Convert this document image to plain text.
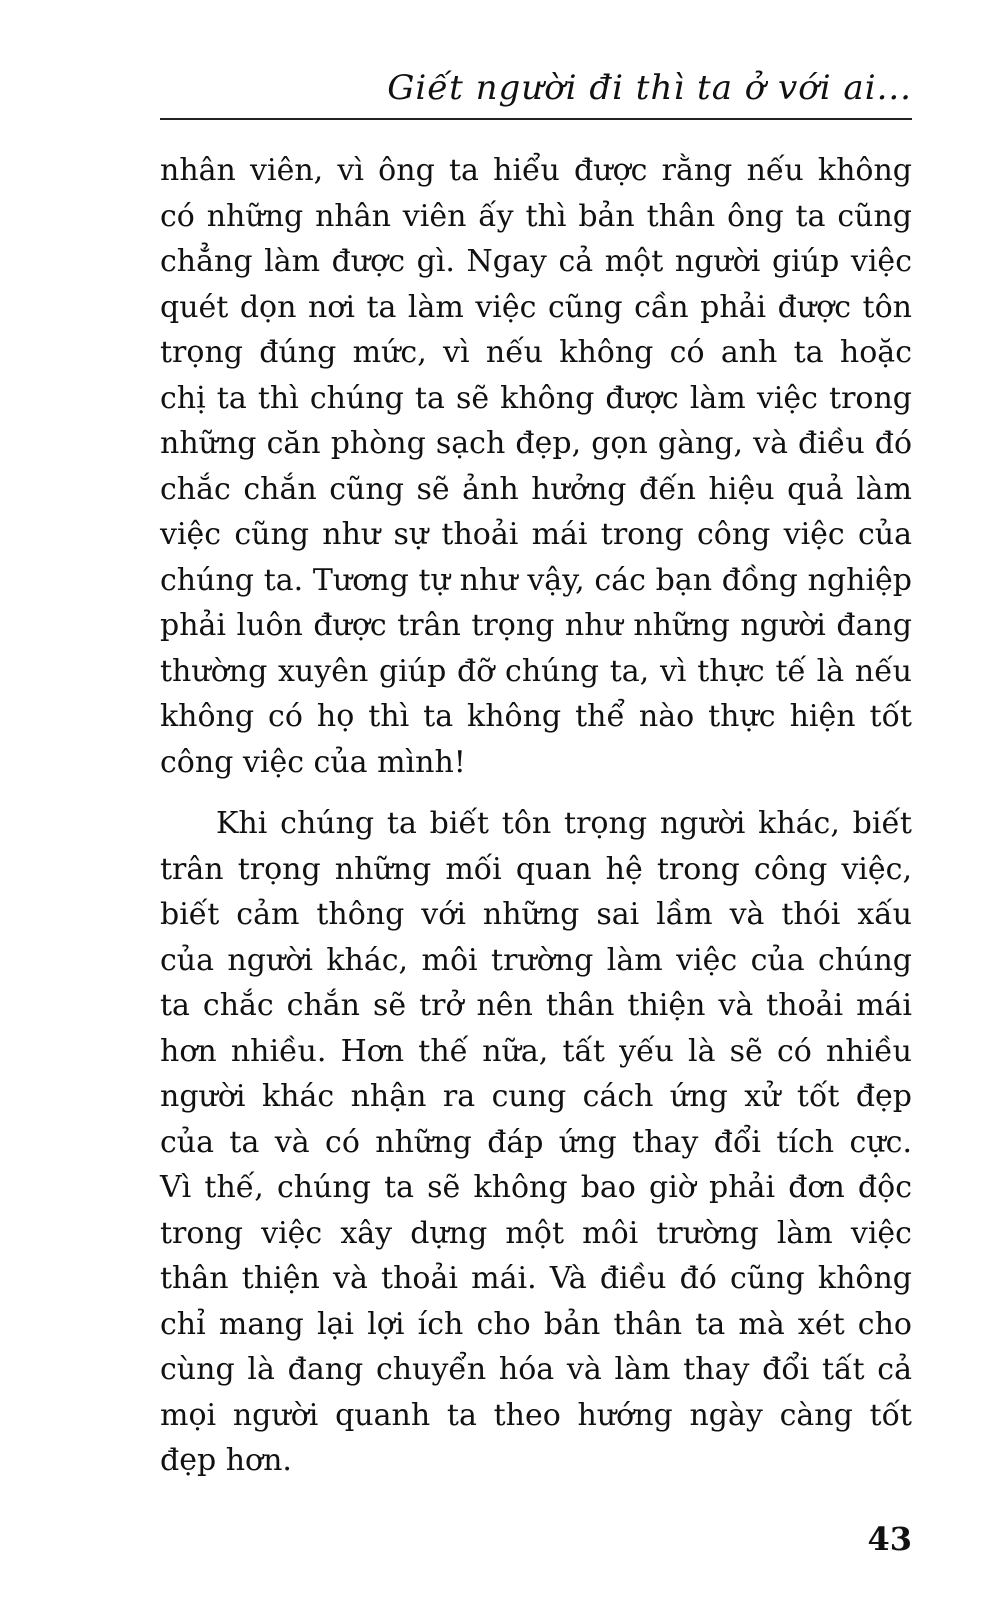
Giết người đi thì ta ở với ai...
nhân viên, vì ông ta hiểu được rằng nếu không
có những nhân viên ấy thì bản thân ông ta cũng
chẳng làm được gì. Ngay cả một người giúp việc
quét dọn nơi ta làm việc cũng cần phải được tôn
trọng đúng mức, vì nếu không có anh ta hoặc
chị ta thì chúng ta sẽ không được làm việc trong
những căn phòng sạch đẹp, gọn gàng, và điều đó
chắc chắn cũng sẽ ảnh hưởng đến hiệu quả làm
việc cũng như sự thoải mái trong công việc của
chúng ta. Tương tự như vậy, các bạn đồng nghiệp
phải luôn được trân trọng như những người đang
thường xuyên giúp đỡ chúng ta, vì thực tế là nếu
không có họ thì ta không thể nào thực hiện tốt
công việc của mình!
Khi chúng ta biết tôn trọng người khác, biết
trân trọng những mối quan hệ trong công việc,
biết cảm thông với những sai lầm và thói xấu
của người khác, môi trường làm việc của chúng
ta chắc chắn sẽ trở nên thân thiện và thoải mái
hơn nhiều. Hơn thế nữa, tất yếu là sẽ có nhiều
người khác nhận ra cung cách ứng xử tốt đẹp
của ta và có những đáp ứng thay đổi tích cực.
Vì thế, chúng ta sẽ không bao giờ phải đơn độc
trong việc xây dựng một môi trường làm việc
thân thiện và thoải mái. Và điều đó cũng không
chỉ mang lại lợi ích cho bản thân ta mà xét cho
cùng là đang chuyển hóa và làm thay đổi tất cả
mọi người quanh ta theo hướng ngày càng tốt
đẹp hơn.
43
